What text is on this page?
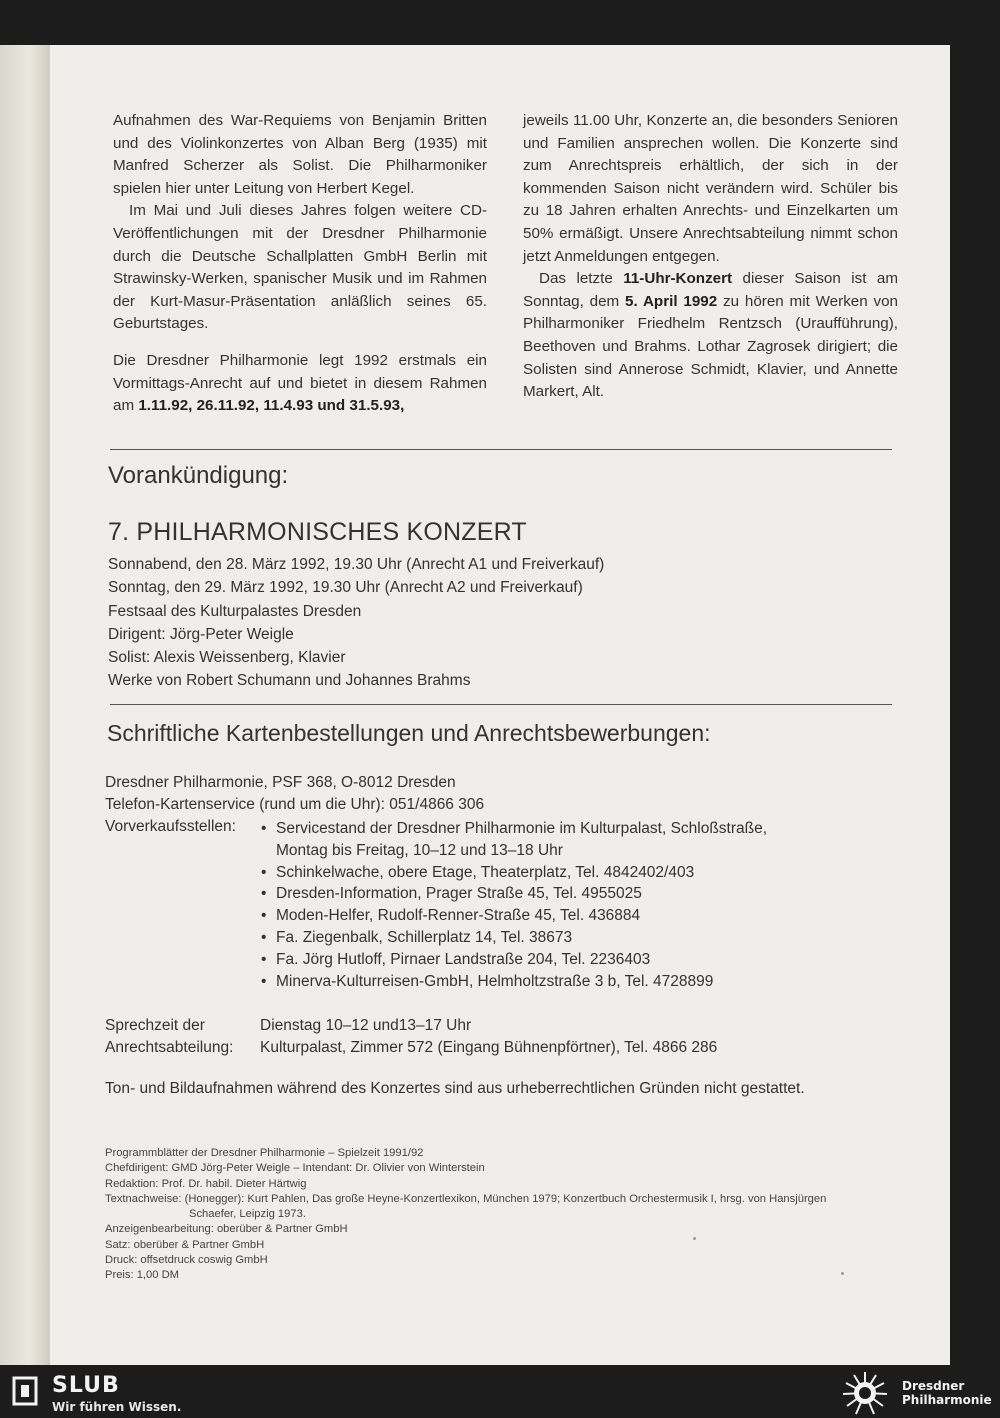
Aufnahmen des War-Requiems von Benjamin Britten und des Violinkonzertes von Alban Berg (1935) mit Manfred Scherzer als Solist. Die Philharmoniker spielen hier unter Leitung von Herbert Kegel.

Im Mai und Juli dieses Jahres folgen weitere CD-Veröffentlichungen mit der Dresdner Philharmonie durch die Deutsche Schallplatten GmbH Berlin mit Strawinsky-Werken, spanischer Musik und im Rahmen der Kurt-Masur-Präsentation anläßlich seines 65. Geburtstages.

Die Dresdner Philharmonie legt 1992 erstmals ein Vormittags-Anrecht auf und bietet in diesem Rahmen am 1.11.92, 26.11.92, 11.4.93 und 31.5.93,

jeweils 11.00 Uhr, Konzerte an, die besonders Senioren und Familien ansprechen wollen. Die Konzerte sind zum Anrechtspreis erhältlich, der sich in der kommenden Saison nicht verändern wird. Schüler bis zu 18 Jahren erhalten Anrechts- und Einzelkarten um 50% ermäßigt. Unsere Anrechtsabteilung nimmt schon jetzt Anmeldungen entgegen.

Das letzte 11-Uhr-Konzert dieser Saison ist am Sonntag, dem 5. April 1992 zu hören mit Werken von Philharmoniker Friedhelm Rentzsch (Uraufführung), Beethoven und Brahms. Lothar Zagrosek dirigiert; die Solisten sind Annerose Schmidt, Klavier, und Annette Markert, Alt.

Vorankündigung:
7. PHILHARMONISCHES KONZERT
Sonnabend, den 28. März 1992, 19.30 Uhr (Anrecht A1 und Freiverkauf)
Sonntag, den 29. März 1992, 19.30 Uhr (Anrecht A2 und Freiverkauf)
Festsaal des Kulturpalastes Dresden
Dirigent: Jörg-Peter Weigle
Solist: Alexis Weissenberg, Klavier
Werke von Robert Schumann und Johannes Brahms
Schriftliche Kartenbestellungen und Anrechtsbewerbungen:
Dresdner Philharmonie, PSF 368, O-8012 Dresden
Telefon-Kartenservice (rund um die Uhr): 051/4866 306
Vorverkaufsstellen: • Servicestand der Dresdner Philharmonie im Kulturpalast, Schloßstraße,
Montag bis Freitag, 10–12 und 13–18 Uhr
• Schinkelwache, obere Etage, Theaterplatz, Tel. 4842402/403
• Dresden-Information, Prager Straße 45, Tel. 4955025
• Moden-Helfer, Rudolf-Renner-Straße 45, Tel. 436884
• Fa. Ziegenbalk, Schillerplatz 14, Tel. 38673
• Fa. Jörg Hutloff, Pirnaer Landstraße 204, Tel. 2236403
• Minerva-Kulturreisen-GmbH, Helmholtzstraße 3 b, Tel. 4728899
Sprechzeit der
Anrechtsabteilung:
Dienstag 10–12 und13–17 Uhr
Kulturpalast, Zimmer 572 (Eingang Bühnenpförtner), Tel. 4866 286
Ton- und Bildaufnahmen während des Konzertes sind aus urheberrechtlichen Gründen nicht gestattet.
Programmblätter der Dresdner Philharmonie – Spielzeit 1991/92
Chefdirigent: GMD Jörg-Peter Weigle – Intendant: Dr. Olivier von Winterstein
Redaktion: Prof. Dr. habil. Dieter Härtwig
Textnachweise: (Honegger): Kurt Pahlen, Das große Heyne-Konzertlexikon, München 1979; Konzertbuch Orchestermusik I, hrsg. von Hansjürgen
Schaefer, Leipzig 1973.
Anzeigenbearbeitung: oberüber & Partner GmbH
Satz: oberüber & Partner GmbH
Druck: offsetdruck coswig GmbH
Preis: 1,00 DM
SLUB
Wir führen Wissen.
Dresdner
Philharmonie
